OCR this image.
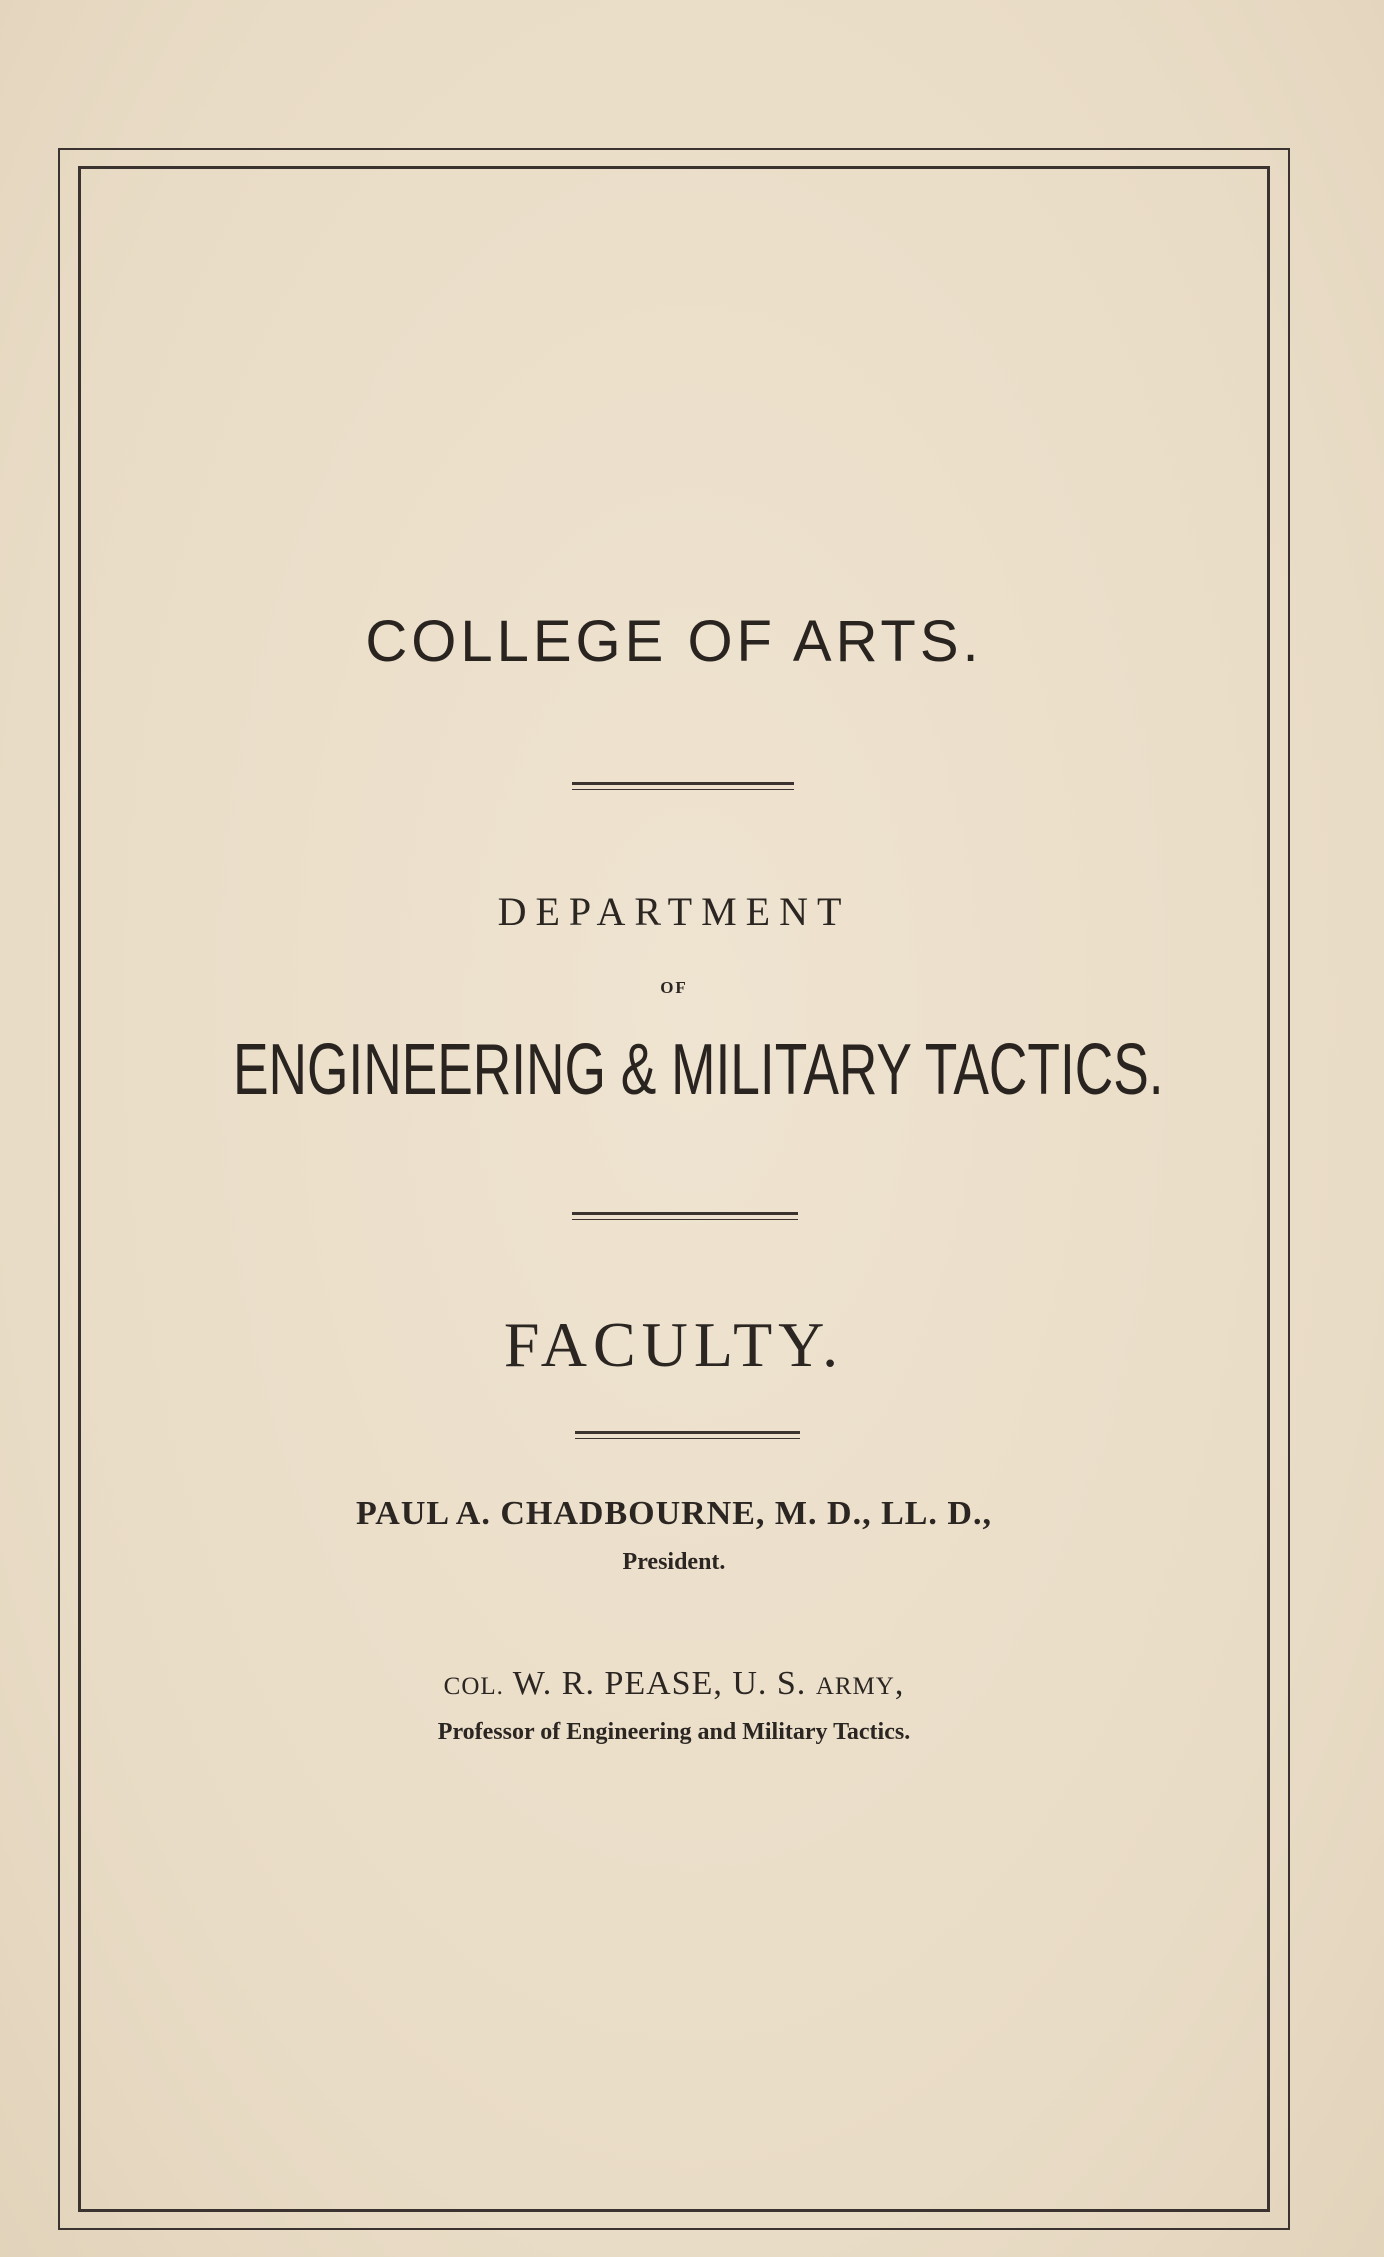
COLLEGE OF ARTS.
DEPARTMENT
OF
ENGINEERING & MILITARY TACTICS.
FACULTY.
PAUL A. CHADBOURNE, M. D., LL. D.,
President.
COL. W. R. PEASE, U. S. ARMY,
Professor of Engineering and Military Tactics.
